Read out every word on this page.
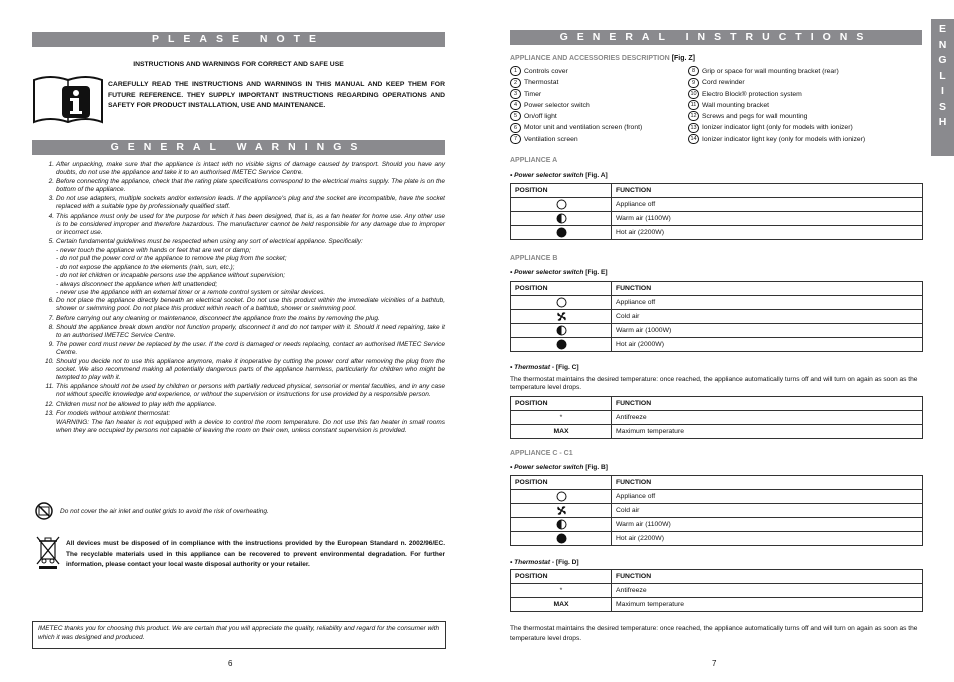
PLEASE NOTE
INSTRUCTIONS AND WARNINGS FOR CORRECT AND SAFE USE
CAREFULLY READ THE INSTRUCTIONS AND WARNINGS IN THIS MANUAL AND KEEP THEM FOR FUTURE REFERENCE. THEY SUPPLY IMPORTANT INSTRUCTIONS REGARDING OPERATIONS AND SAFETY FOR PRODUCT INSTALLATION, USE AND MAINTENANCE.
GENERAL WARNINGS
1. After unpacking, make sure that the appliance is intact with no visible signs of damage caused by transport. Should you have any doubts, do not use the appliance and take it to an authorised IMETEC Service Centre.
2. Before connecting the appliance, check that the rating plate specifications correspond to the electrical mains supply. The plate is on the bottom of the appliance.
3. Do not use adapters, multiple sockets and/or extension leads. If the appliance's plug and the socket are incompatible, have the socket replaced with a suitable type by professionally qualified staff.
4. This appliance must only be used for the purpose for which it has been designed, that is, as a fan heater for home use. Any other use is to be considered improper and therefore hazardous. The manufacturer cannot be held responsible for any damage due to improper or incorrect use.
5. Certain fundamental guidelines must be respected when using any sort of electrical appliance. Specifically:
- never touch the appliance with hands or feet that are wet or damp;
- do not pull the power cord or the appliance to remove the plug from the socket;
- do not expose the appliance to the elements (rain, sun, etc.);
- do not let children or incapable persons use the appliance without supervision;
- always disconnect the appliance when left unattended;
- never use the appliance with an external timer or a remote control system or similar devices.
6. Do not place the appliance directly beneath an electrical socket. Do not use this product within the immediate vicinities of a bathtub, shower or swimming pool. Do not place this product within reach of a bathtub, shower or swimming pool.
7. Before carrying out any cleaning or maintenance, disconnect the appliance from the mains by removing the plug.
8. Should the appliance break down and/or not function properly, disconnect it and do not tamper with it. Should it need repairing, take it to an authorised IMETEC Service Centre.
9. The power cord must never be replaced by the user. If the cord is damaged or needs replacing, contact an authorised IMETEC Service Centre.
10. Should you decide not to use this appliance anymore, make it inoperative by cutting the power cord after removing the plug from the socket. We also recommend making all potentially dangerous parts of the appliance harmless, particularly for children who might be tempted to play with it.
11. This appliance should not be used by children or persons with partially reduced physical, sensorial or mental faculties, and in any case not without specific knowledge and experience, or without the supervision or instructions for use provided by a responsible person.
12. Children must not be allowed to play with the appliance.
13. For models without ambient thermostat:
WARNING: The fan heater is not equipped with a device to control the room temperature. Do not use this fan heater in small rooms when they are occupied by persons not capable of leaving the room on their own, unless constant supervision is provided.
Do not cover the air inlet and outlet grids to avoid the risk of overheating.
All devices must be disposed of in compliance with the instructions provided by the European Standard n. 2002/96/EC. The recyclable materials used in this appliance can be recovered to prevent environmental degradation. For further information, please contact your local waste disposal authority or your retailer.
IMETEC thanks you for choosing this product. We are certain that you will appreciate the quality, reliability and regard for the consumer with which it was designed and produced.
6
GENERAL INSTRUCTIONS
E
N
G
L
I
S
H
APPLIANCE AND ACCESSORIES DESCRIPTION [Fig. Z]
1 Controls cover
2 Thermostat
3 Timer
4 Power selector switch
5 On/off light
6 Motor unit and ventilation screen (front)
7 Ventilation screen
8 Grip or space for wall mounting bracket (rear)
9 Cord rewinder
10 Electro Block® protection system
11 Wall mounting bracket
12 Screws and pegs for wall mounting
13 Ionizer indicator light (only for models with ionizer)
14 Ionizer indicator light key (only for models with ionizer)
APPLIANCE A
• Power selector switch [Fig. A]
POSITION	FUNCTION
	Appliance off
	Warm air (1100W)
	Hot air (2200W)
APPLIANCE B
• Power selector switch [Fig. E]
POSITION	FUNCTION
	Appliance off
	Cold air
	Warm air (1000W)
	Hot air (2000W)
• Thermostat - [Fig. C]
The thermostat maintains the desired temperature: once reached, the appliance automatically turns off and will turn on again as soon as the temperature level drops.
POSITION	FUNCTION
*	Antifreeze
MAX	Maximum temperature
APPLIANCE C - C1
• Power selector switch [Fig. B]
POSITION	FUNCTION
	Appliance off
	Cold air
	Warm air (1100W)
	Hot air (2200W)
• Thermostat - [Fig. D]
POSITION	FUNCTION
*	Antifreeze
MAX	Maximum temperature
The thermostat maintains the desired temperature: once reached, the appliance automatically turns off and will turn on again as soon as the temperature level drops.
7
